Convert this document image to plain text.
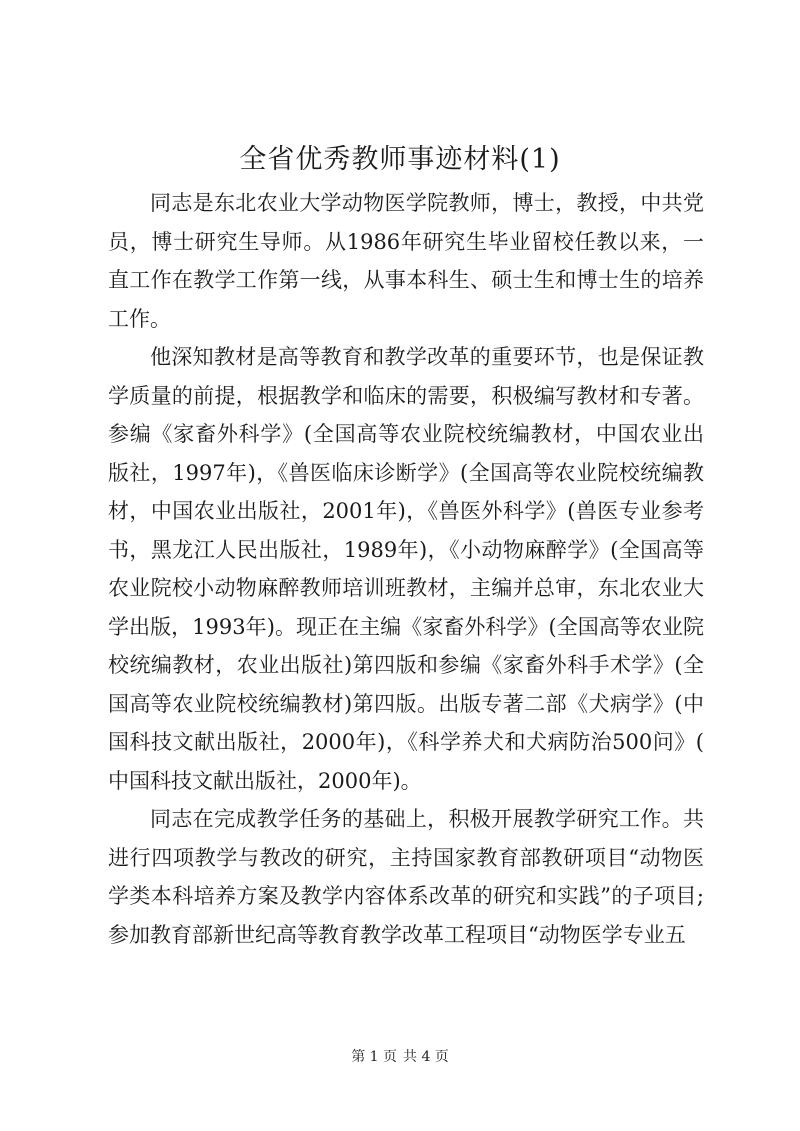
全省优秀教师事迹材料(1)

同志是东北农业大学动物医学院教师，博士，教授，中共党员，博士研究生导师。从1986年研究生毕业留校任教以来，一直工作在教学工作第一线，从事本科生、硕士生和博士生的培养工作。

他深知教材是高等教育和教学改革的重要环节，也是保证教学质量的前提，根据教学和临床的需要，积极编写教材和专著。参编《家畜外科学》(全国高等农业院校统编教材，中国农业出版社，1997年)，《兽医临床诊断学》(全国高等农业院校统编教材，中国农业出版社，2001年)，《兽医外科学》(兽医专业参考书，黑龙江人民出版社，1989年)，《小动物麻醉学》(全国高等农业院校小动物麻醉教师培训班教材，主编并总审，东北农业大学出版，1993年)。现正在主编《家畜外科学》(全国高等农业院校统编教材，农业出版社)第四版和参编《家畜外科手术学》(全国高等农业院校统编教材)第四版。出版专著二部《犬病学》(中国科技文献出版社，2000年)，《科学养犬和犬病防治500问》(中国科技文献出版社，2000年)。

同志在完成教学任务的基础上，积极开展教学研究工作。共进行四项教学与教改的研究，主持国家教育部教研项目“动物医学类本科培养方案及教学内容体系改革的研究和实践”的子项目;参加教育部新世纪高等教育教学改革工程项目“动物医学专业五

第 1 页 共 4 页
